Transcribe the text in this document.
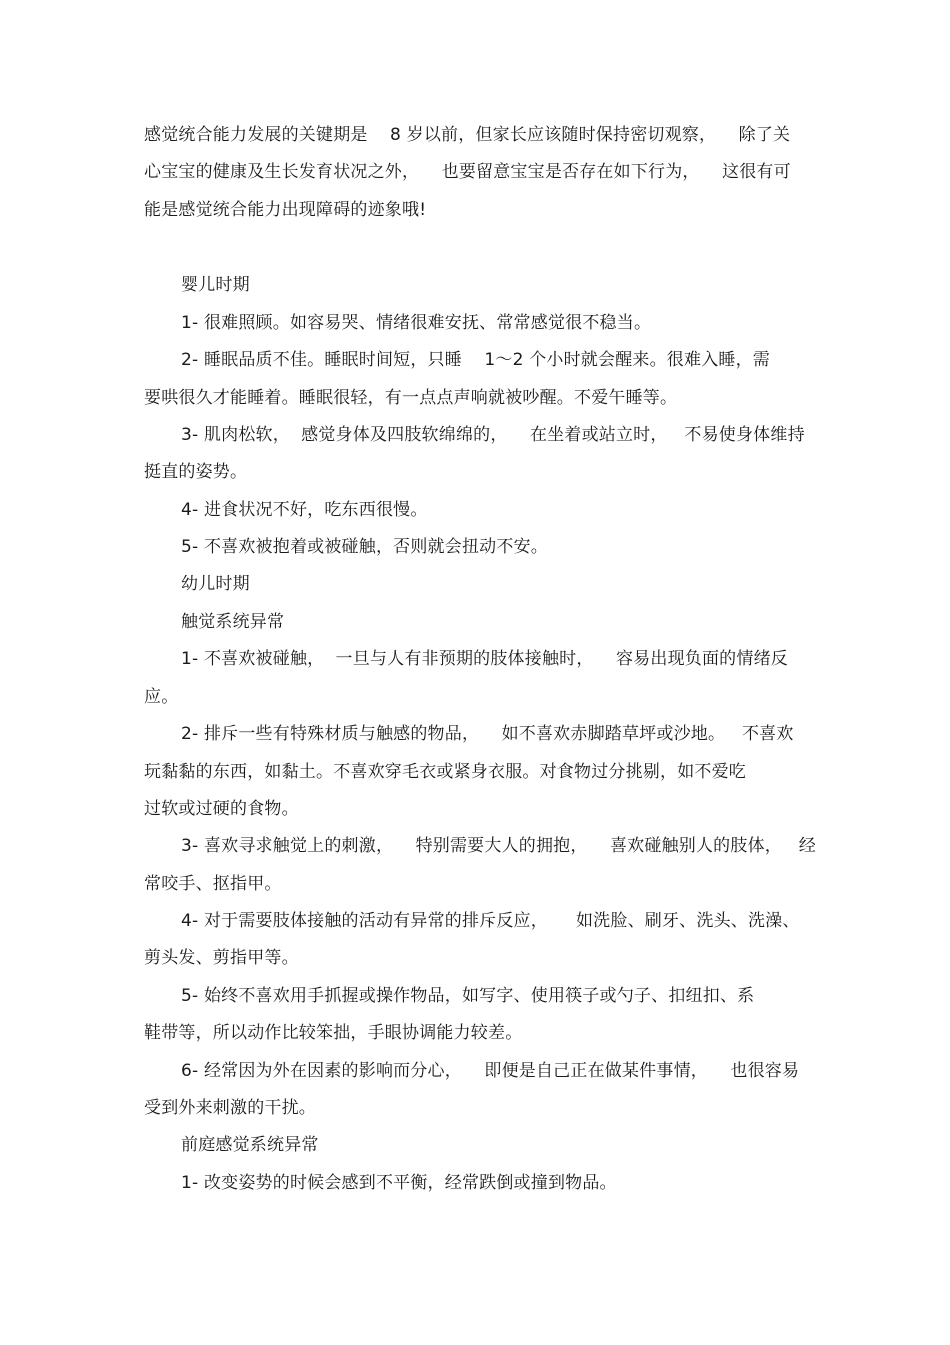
感觉统合能力发展的关键期是    8 岁以前，但家长应该随时保持密切观察，    除了关

心宝宝的健康及生长发育状况之外，    也要留意宝宝是否存在如下行为，    这很有可

能是感觉统合能力出现障碍的迹象哦!

婴儿时期

1- 很难照顾。如容易哭、情绪很难安抚、常常感觉很不稳当。

2- 睡眠品质不佳。睡眠时间短，只睡    1～2 个小时就会醒来。很难入睡，需

要哄很久才能睡着。睡眠很轻，有一点点声响就被吵醒。不爱午睡等。

3- 肌肉松软，  感觉身体及四肢软绵绵的，    在坐着或站立时，   不易使身体维持

挺直的姿势。

4- 进食状况不好，吃东西很慢。

5- 不喜欢被抱着或被碰触，否则就会扭动不安。

幼儿时期

触觉系统异常

1- 不喜欢被碰触，  一旦与人有非预期的肢体接触时，    容易出现负面的情绪反

应。

2- 排斥一些有特殊材质与触感的物品，    如不喜欢赤脚踏草坪或沙地。   不喜欢

玩黏黏的东西，如黏土。不喜欢穿毛衣或紧身衣服。对食物过分挑剔，如不爱吃

过软或过硬的食物。

3- 喜欢寻求触觉上的刺激，    特别需要大人的拥抱，    喜欢碰触别人的肢体，   经

常咬手、抠指甲。

4- 对于需要肢体接触的活动有异常的排斥反应，     如洗脸、刷牙、洗头、洗澡、

剪头发、剪指甲等。

5- 始终不喜欢用手抓握或操作物品，如写字、使用筷子或勺子、扣纽扣、系

鞋带等，所以动作比较笨拙，手眼协调能力较差。

6- 经常因为外在因素的影响而分心，    即便是自己正在做某件事情，    也很容易

受到外来刺激的干扰。

前庭感觉系统异常

1- 改变姿势的时候会感到不平衡，经常跌倒或撞到物品。
